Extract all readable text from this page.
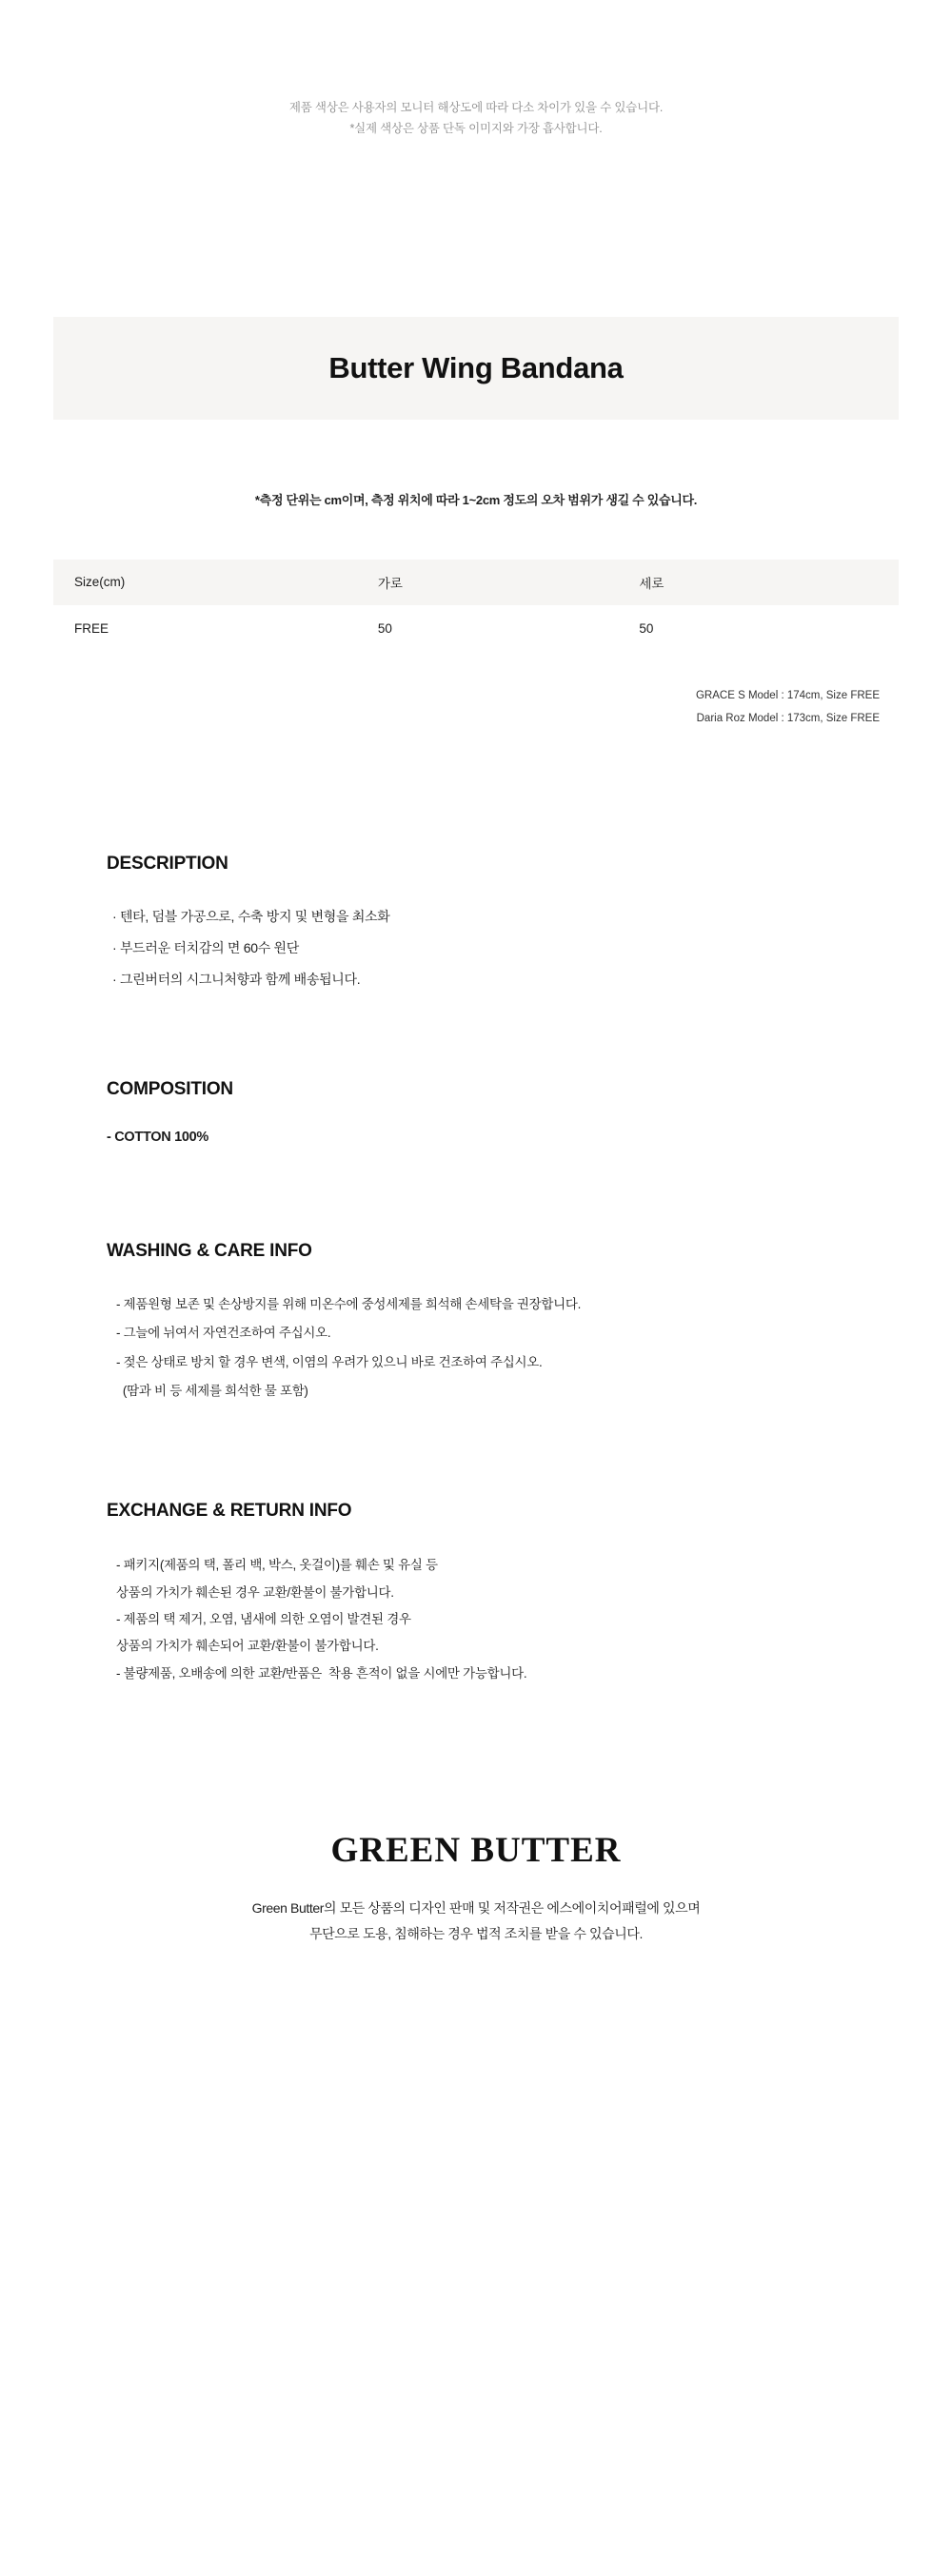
제품 색상은 사용자의 모니터 해상도에 따라 다소 차이가 있을 수 있습니다.
*실제 색상은 상품 단독 이미지와 가장 흡사합니다.
Butter Wing Bandana
*측정 단위는 cm이며, 측정 위치에 따라 1~2cm 정도의 오차 범위가 생길 수 있습니다.
Size(cm)	가로	세로
FREE	50	50
GRACE S Model : 174cm, Size FREE
Daria Roz Model : 173cm, Size FREE
DESCRIPTION
· 텐타, 덤블 가공으로, 수축 방지 및 변형을 최소화
· 부드러운 터치감의 면 60수 원단
· 그린버터의 시그니처향과 함께 배송됩니다.
COMPOSITION
- COTTON 100%
WASHING & CARE INFO
- 제품원형 보존 및 손상방지를 위해 미온수에 중성세제를 희석해 손세탁을 권장합니다.
- 그늘에 뉘여서 자연건조하여 주십시오.
- 젖은 상태로 방치 할 경우 변색, 이염의 우려가 있으니 바로 건조하여 주십시오.
(땀과 비 등 세제를 희석한 물 포함)
EXCHANGE & RETURN INFO
- 패키지(제품의 택, 폴리 백, 박스, 옷걸이)를 훼손 및 유실 등
상품의 가치가 훼손된 경우 교환/환불이 불가합니다.
- 제품의 택 제거, 오염, 냄새에 의한 오염이 발견된 경우
상품의 가치가 훼손되어 교환/환불이 불가합니다.
- 불량제품, 오배송에 의한 교환/반품은  착용 흔적이 없을 시에만 가능합니다.
GREEN BUTTER
Green Butter의 모든 상품의 디자인 판매 및 저작권은 에스에이치어패럴에 있으며
무단으로 도용, 침해하는 경우 법적 조치를 받을 수 있습니다.
